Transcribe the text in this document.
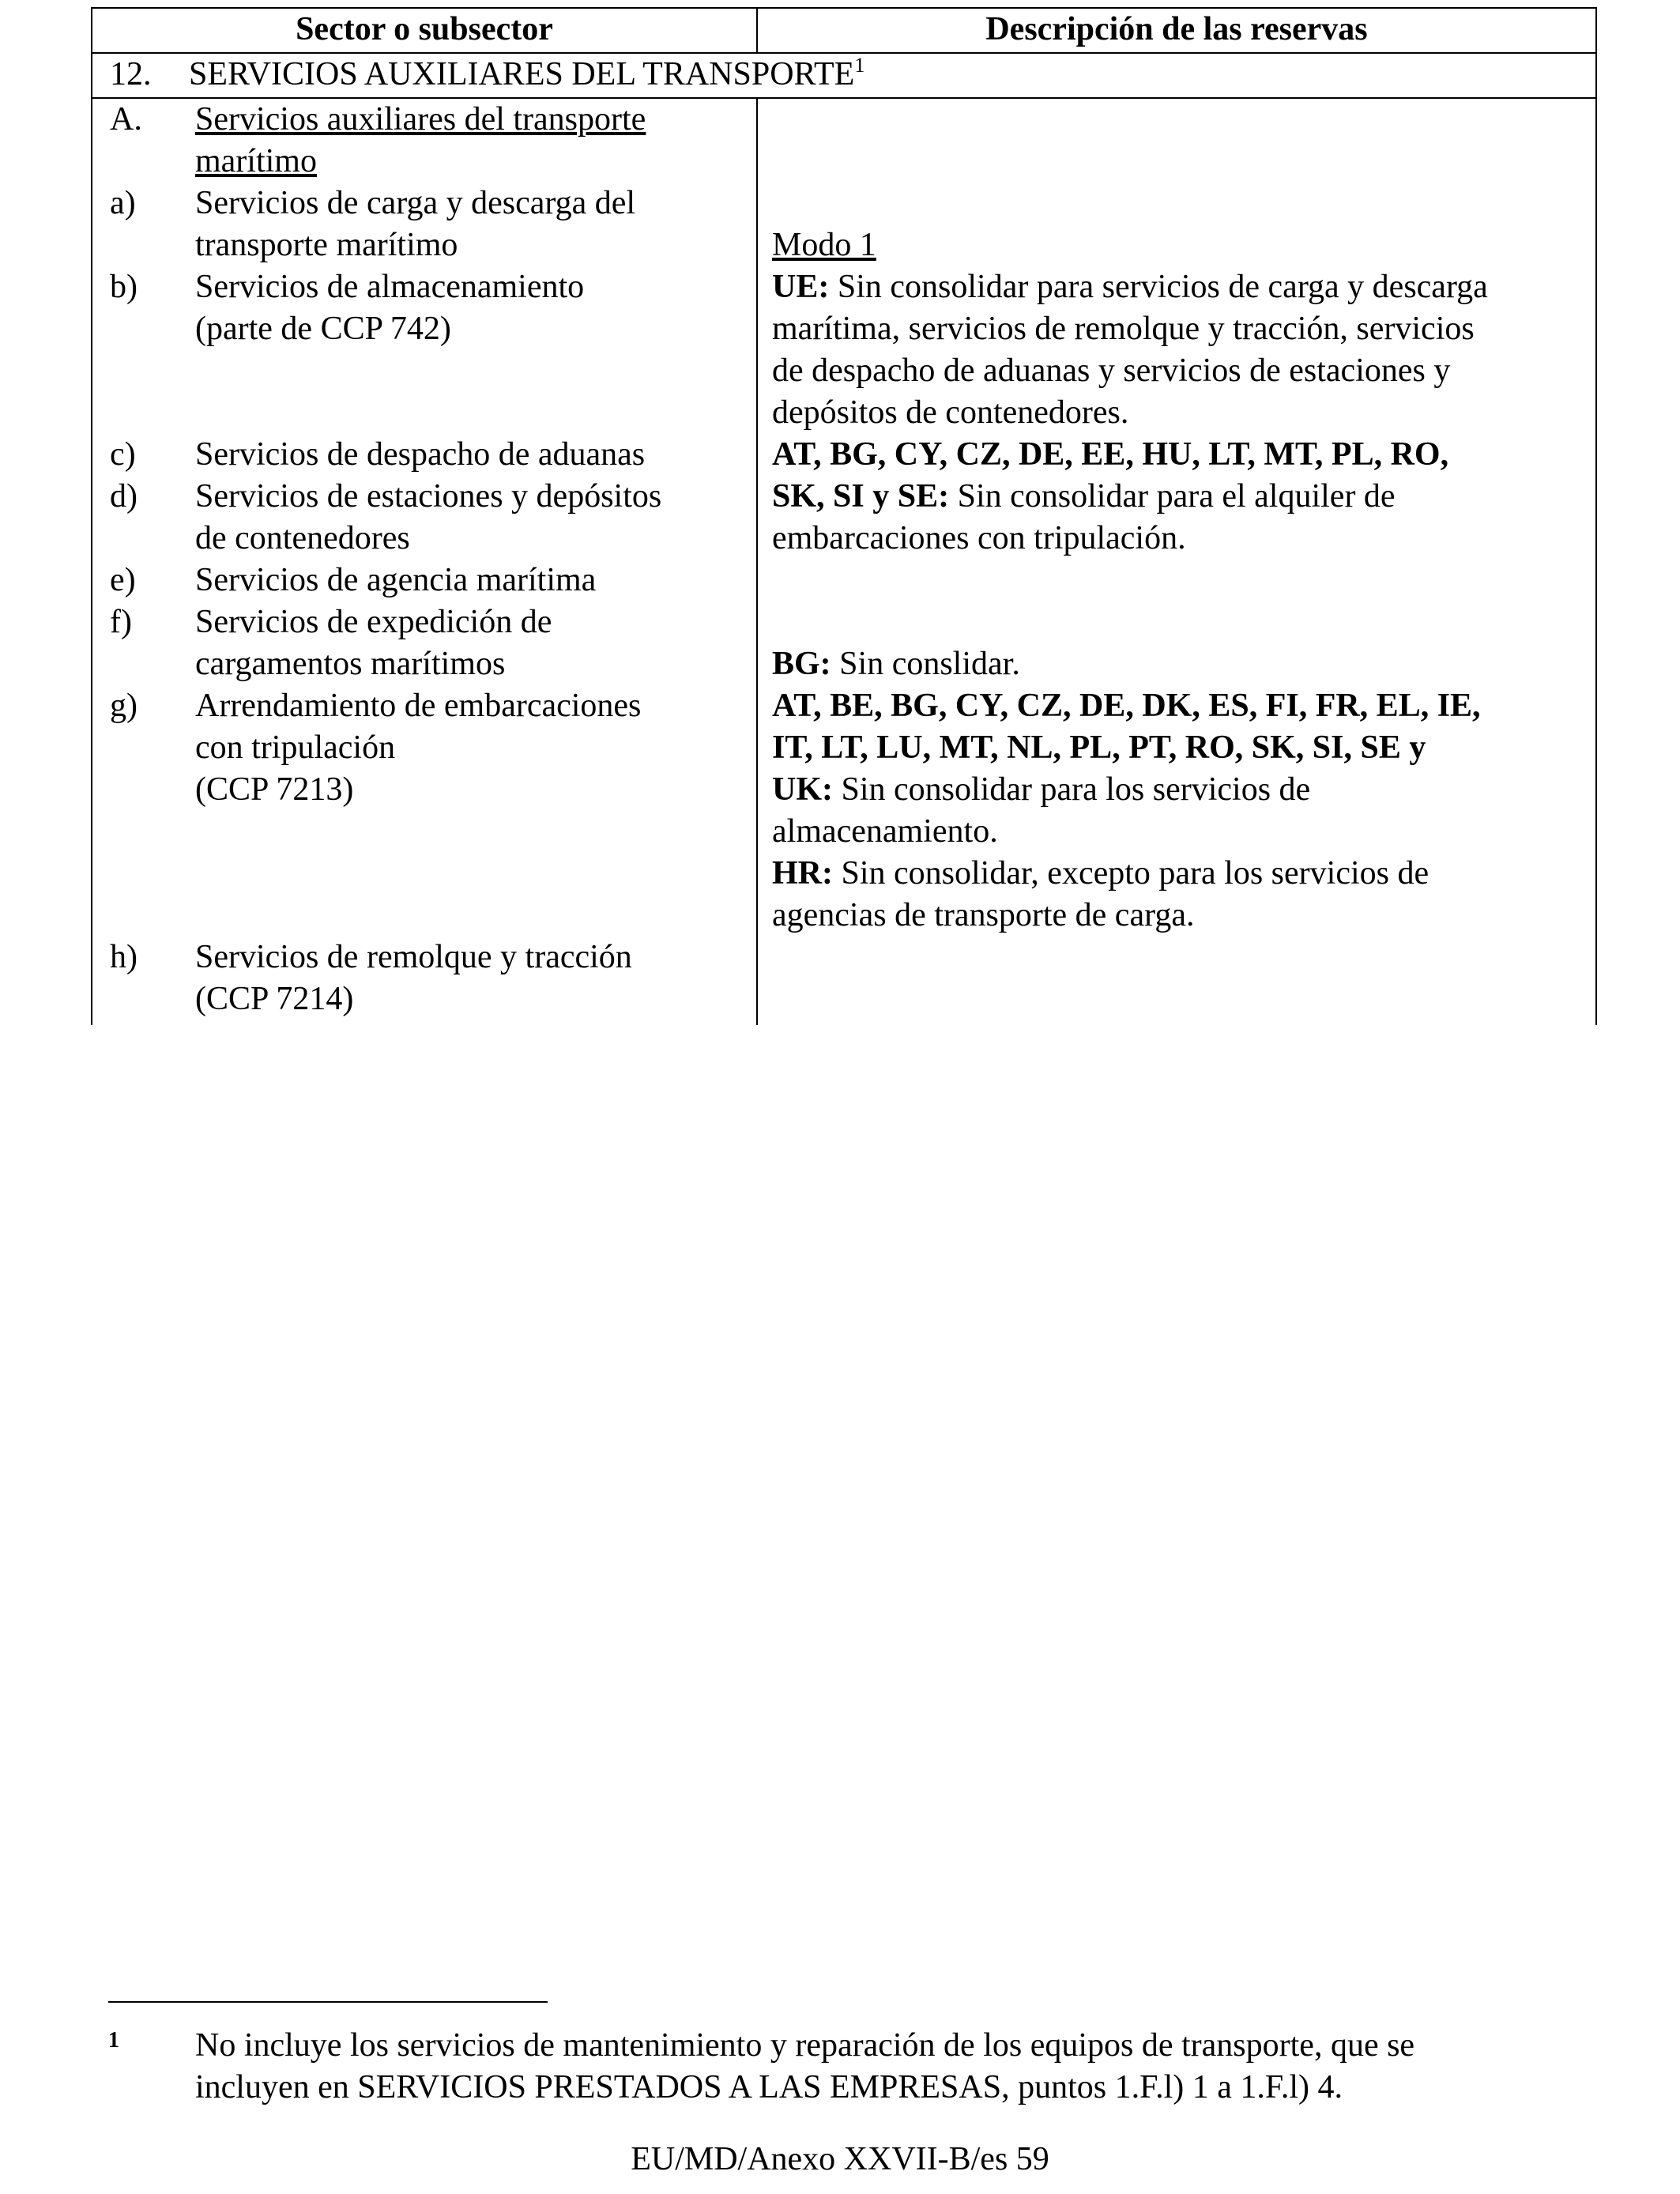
Sector o subsector	Descripción de las reservas
12.	SERVICIOS AUXILIARES DEL TRANSPORTE$^1$
A. Servicios auxiliares del transporte
marítimo
a) Servicios de carga y descarga del
transporte marítimo
b) Servicios de almacenamiento
(parte de CCP 742)
c) Servicios de despacho de aduanas
d) Servicios de estaciones y depósitos
de contenedores
e) Servicios de agencia marítima
f) Servicios de expedición de
cargamentos marítimos
g) Arrendamiento de embarcaciones
con tripulación
(CCP 7213)
h) Servicios de remolque y tracción
(CCP 7214)
Modo 1
UE: Sin consolidar para servicios de carga y descarga
marítima, servicios de remolque y tracción, servicios
de despacho de aduanas y servicios de estaciones y
depósitos de contenedores.
AT, BG, CY, CZ, DE, EE, HU, LT, MT, PL, RO,
SK, SI y SE: Sin consolidar para el alquiler de
embarcaciones con tripulación.
BG: Sin conslidar.
AT, BE, BG, CY, CZ, DE, DK, ES, FI, FR, EL, IE,
IT, LT, LU, MT, NL, PL, PT, RO, SK, SI, SE y
UK: Sin consolidar para los servicios de
almacenamiento.
HR: Sin consolidar, excepto para los servicios de
agencias de transporte de carga.
1 No incluye los servicios de mantenimiento y reparación de los equipos de transporte, que se
incluyen en SERVICIOS PRESTADOS A LAS EMPRESAS, puntos 1.F.l) 1 a 1.F.l) 4.
EU/MD/Anexo XXVII-B/es 59
